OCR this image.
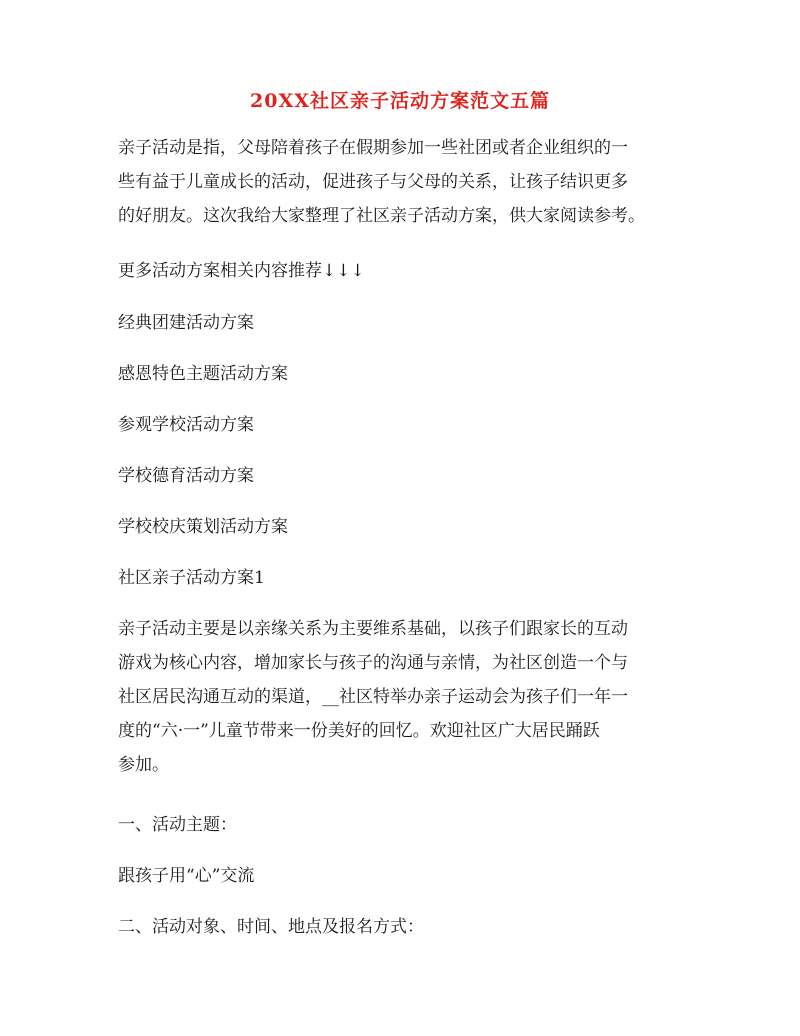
20XX社区亲子活动方案范文五篇

亲子活动是指，父母陪着孩子在假期参加一些社团或者企业组织的一
些有益于儿童成长的活动，促进孩子与父母的关系，让孩子结识更多
的好朋友。这次我给大家整理了社区亲子活动方案，供大家阅读参考。

更多活动方案相关内容推荐↓↓↓

经典团建活动方案

感恩特色主题活动方案

参观学校活动方案

学校德育活动方案

学校校庆策划活动方案

社区亲子活动方案1

亲子活动主要是以亲缘关系为主要维系基础，以孩子们跟家长的互动
游戏为核心内容，增加家长与孩子的沟通与亲情，为社区创造一个与
社区居民沟通互动的渠道，__社区特举办亲子运动会为孩子们一年一
度的“六·一”儿童节带来一份美好的回忆。欢迎社区广大居民踊跃
参加。

一、活动主题：

跟孩子用“心”交流

二、活动对象、时间、地点及报名方式：
